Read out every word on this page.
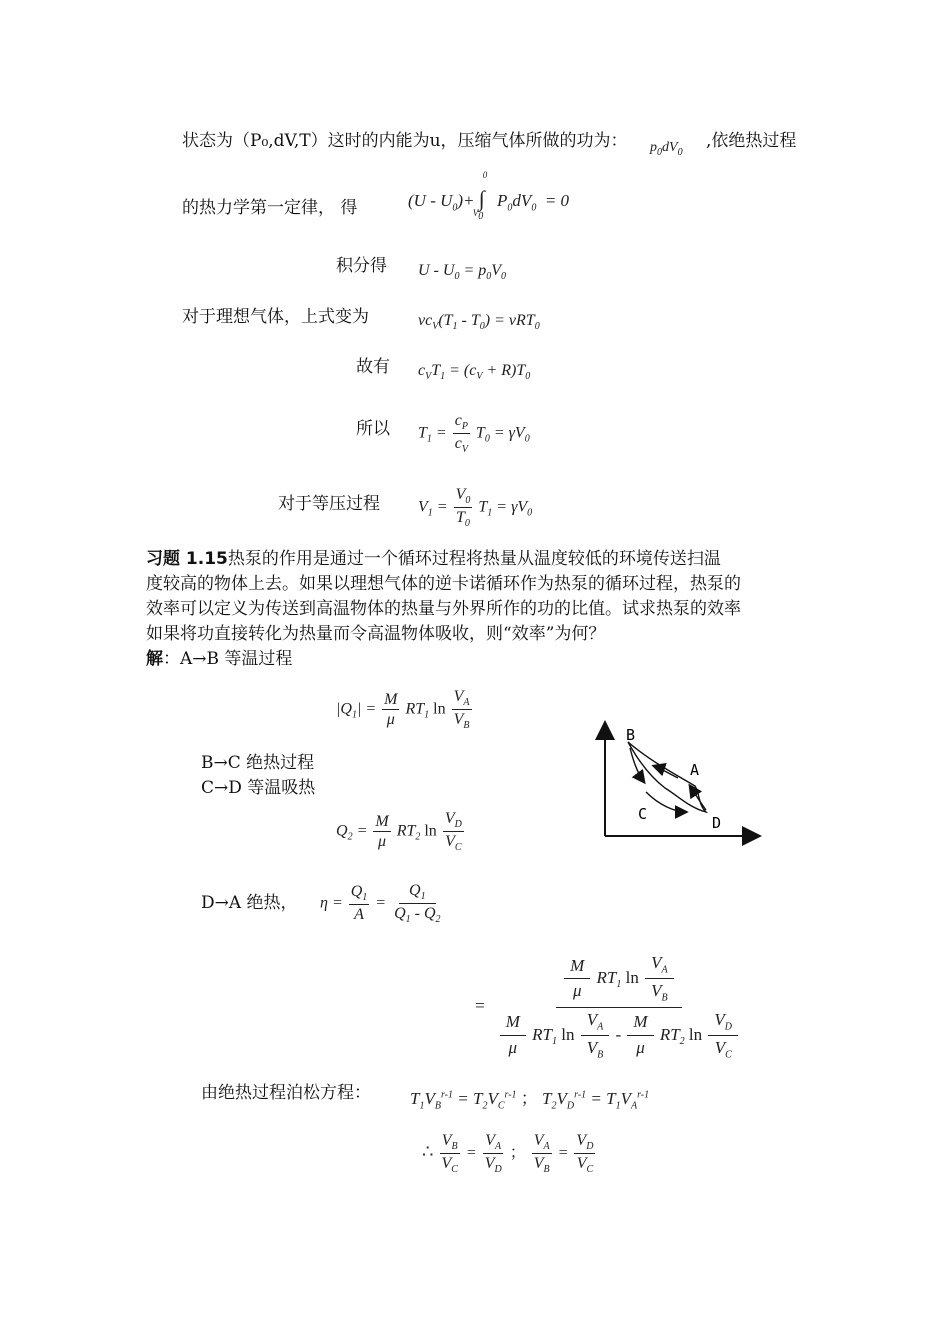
状态为（P₀,dV,T）这时的内能为u，压缩气体所做的功为： $p_0dV_0$
,依绝热过程
的热力学第一定律， 得	$(U - U_0)+$
0
∫
$V_0$
$P_0dV_0 = 0$
积分得 $U - U_0 = p_0V_0$
对于理想气体，上式变为	$\nu c_V(T_1 - T_0) = \nu RT_0$
故有 $c_VT_1 = (c_V + R)T_0$
所以 $T_1 = \frac{c_P}{c_V} T_0 = \gamma V_0$
对于等压过程 $V_1 = \frac{V_0}{T_0} T_1 = \gamma V_0$
习题 1.15热泵的作用是通过一个循环过程将热量从温度较低的环境传送扫温
度较高的物体上去。如果以理想气体的逆卡诺循环作为热泵的循环过程，热泵的
效率可以定义为传送到高温物体的热量与外界所作的功的比值。试求热泵的效率
如果将功直接转化为热量而令高温物体吸收，则“效率”为何？
解：A→B 等温过程
$|Q_1| = \frac{M}{\mu} RT_1$ $\ln \frac{V_A}{V_B}$
B→C 绝热过程
C→D 等温吸热
$Q_2 = \frac{M}{\mu} RT_2$ $\ln \frac{V_D}{V_C}$
B
A
C	D
D→A 绝热， $\eta = \frac{Q_1}{A} = \frac{Q_1}{Q_1 - Q_2}$
=
$\frac{M}{\mu} RT_1$ $\ln \frac{V_A}{V_B}$
$\frac{M}{\mu} RT_1$ $\ln \frac{V_A}{V_B} - \frac{M}{\mu} RT_2$ $\ln \frac{V_D}{V_C}$
由绝热过程泊松方程： $T_1V_B^{r-1} = T_2V_C^{r-1}$ ； $T_2V_D^{r-1} = T_1V_A^{r-1}$
∴ $\frac{V_B}{V_C} = \frac{V_A}{V_D}$ ； $\frac{V_A}{V_B} = \frac{V_D}{V_C}$
